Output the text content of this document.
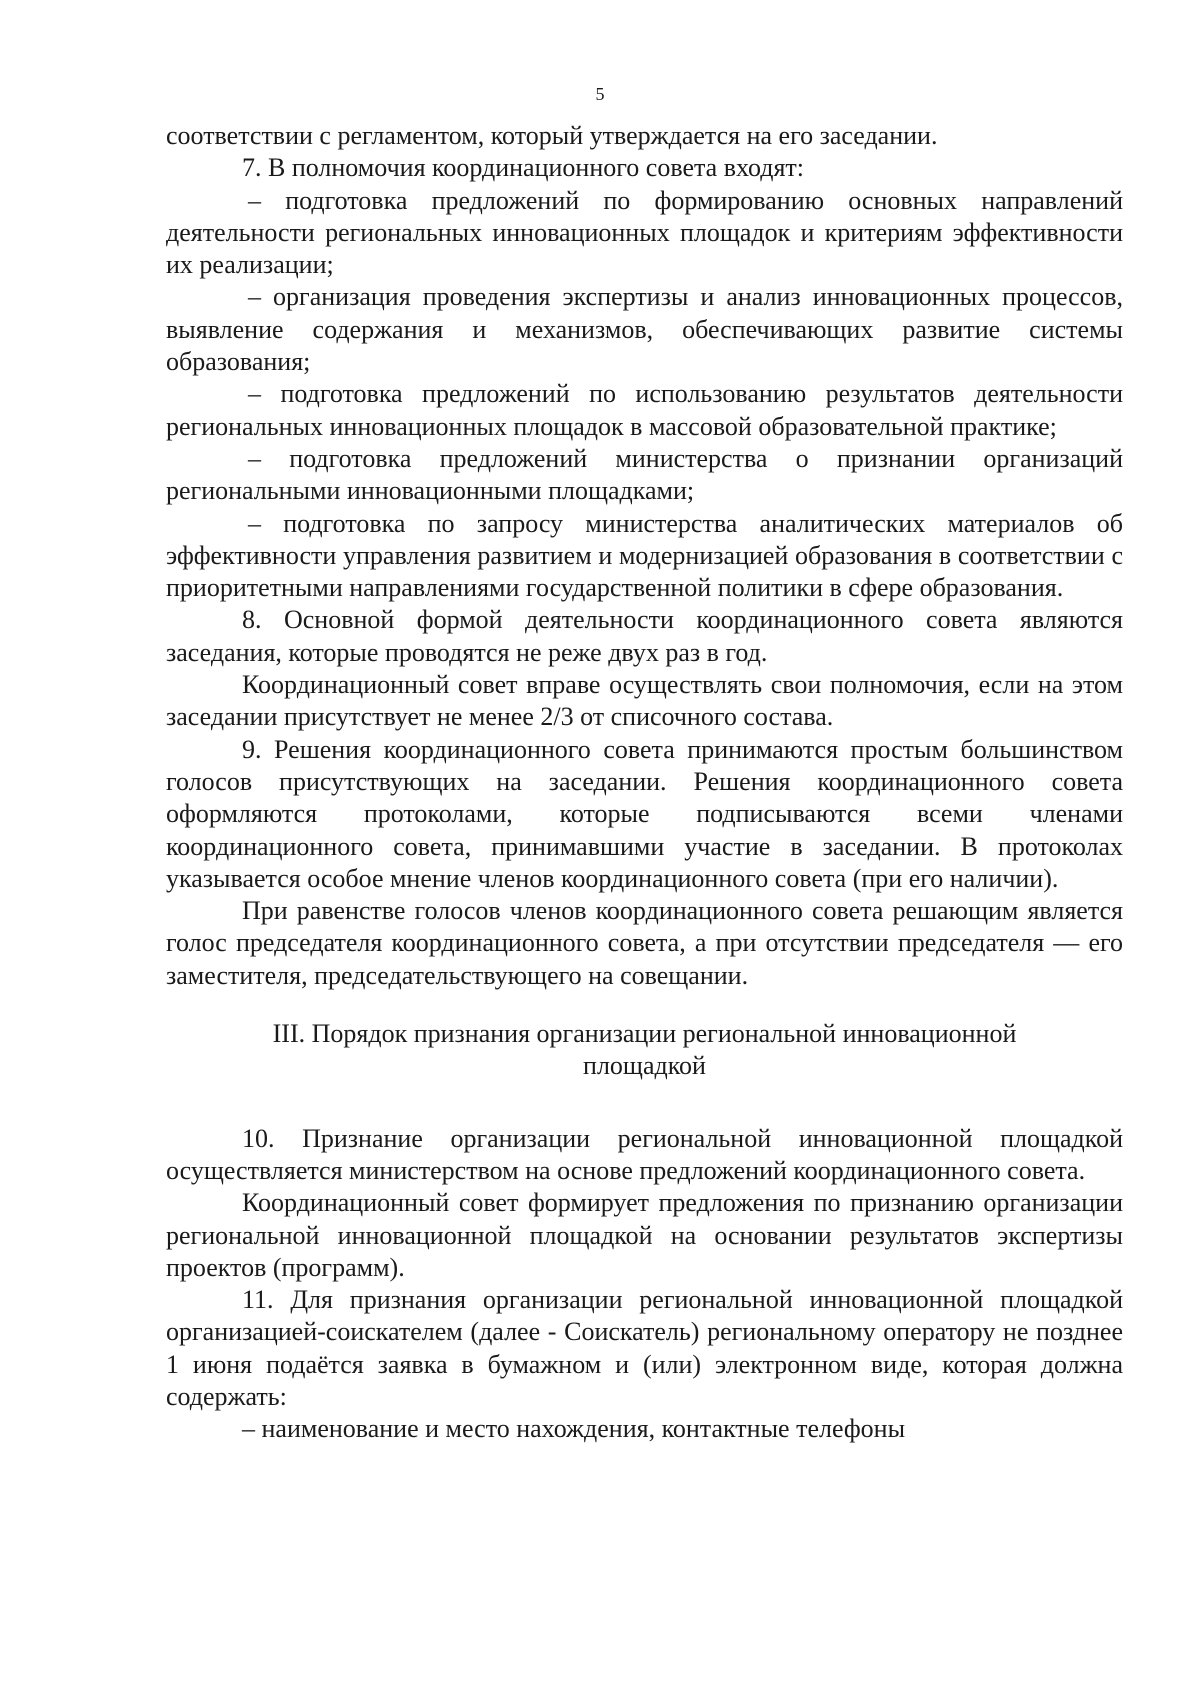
5

соответствии с регламентом, который утверждается на его заседании.

7. В полномочия координационного совета входят:

– подготовка предложений по формированию основных направлений деятельности региональных инновационных площадок и критериям эффективности их реализации;

– организация проведения экспертизы и анализ инновационных процессов, выявление содержания и механизмов, обеспечивающих развитие системы образования;

– подготовка предложений по использованию результатов деятельности региональных инновационных площадок в массовой образовательной практике;

– подготовка предложений министерства о признании организаций региональными инновационными площадками;

– подготовка по запросу министерства аналитических материалов об эффективности управления развитием и модернизацией образования в соответствии с приоритетными направлениями государственной политики в сфере образования.

8. Основной формой деятельности координационного совета являются заседания, которые проводятся не реже двух раз в год.

Координационный совет вправе осуществлять свои полномочия, если на этом заседании присутствует не менее 2/3 от списочного состава.

9. Решения координационного совета принимаются простым большинством голосов присутствующих на заседании. Решения координационного совета оформляются протоколами, которые подписываются всеми членами координационного совета, принимавшими участие в заседании. В протоколах указывается особое мнение членов координационного совета (при его наличии).

При равенстве голосов членов координационного совета решающим является голос председателя координационного совета, а при отсутствии председателя — его заместителя, председательствующего на совещании.

III. Порядок признания организации региональной инновационной площадкой

10. Признание организации региональной инновационной площадкой осуществляется министерством на основе предложений координационного совета.

Координационный совет формирует предложения по признанию организации региональной инновационной площадкой на основании результатов экспертизы проектов (программ).

11. Для признания организации региональной инновационной площадкой организацией-соискателем (далее - Соискатель) региональному оператору не позднее 1 июня подаётся заявка в бумажном и (или) электронном виде, которая должна содержать:

– наименование и место нахождения, контактные телефоны
